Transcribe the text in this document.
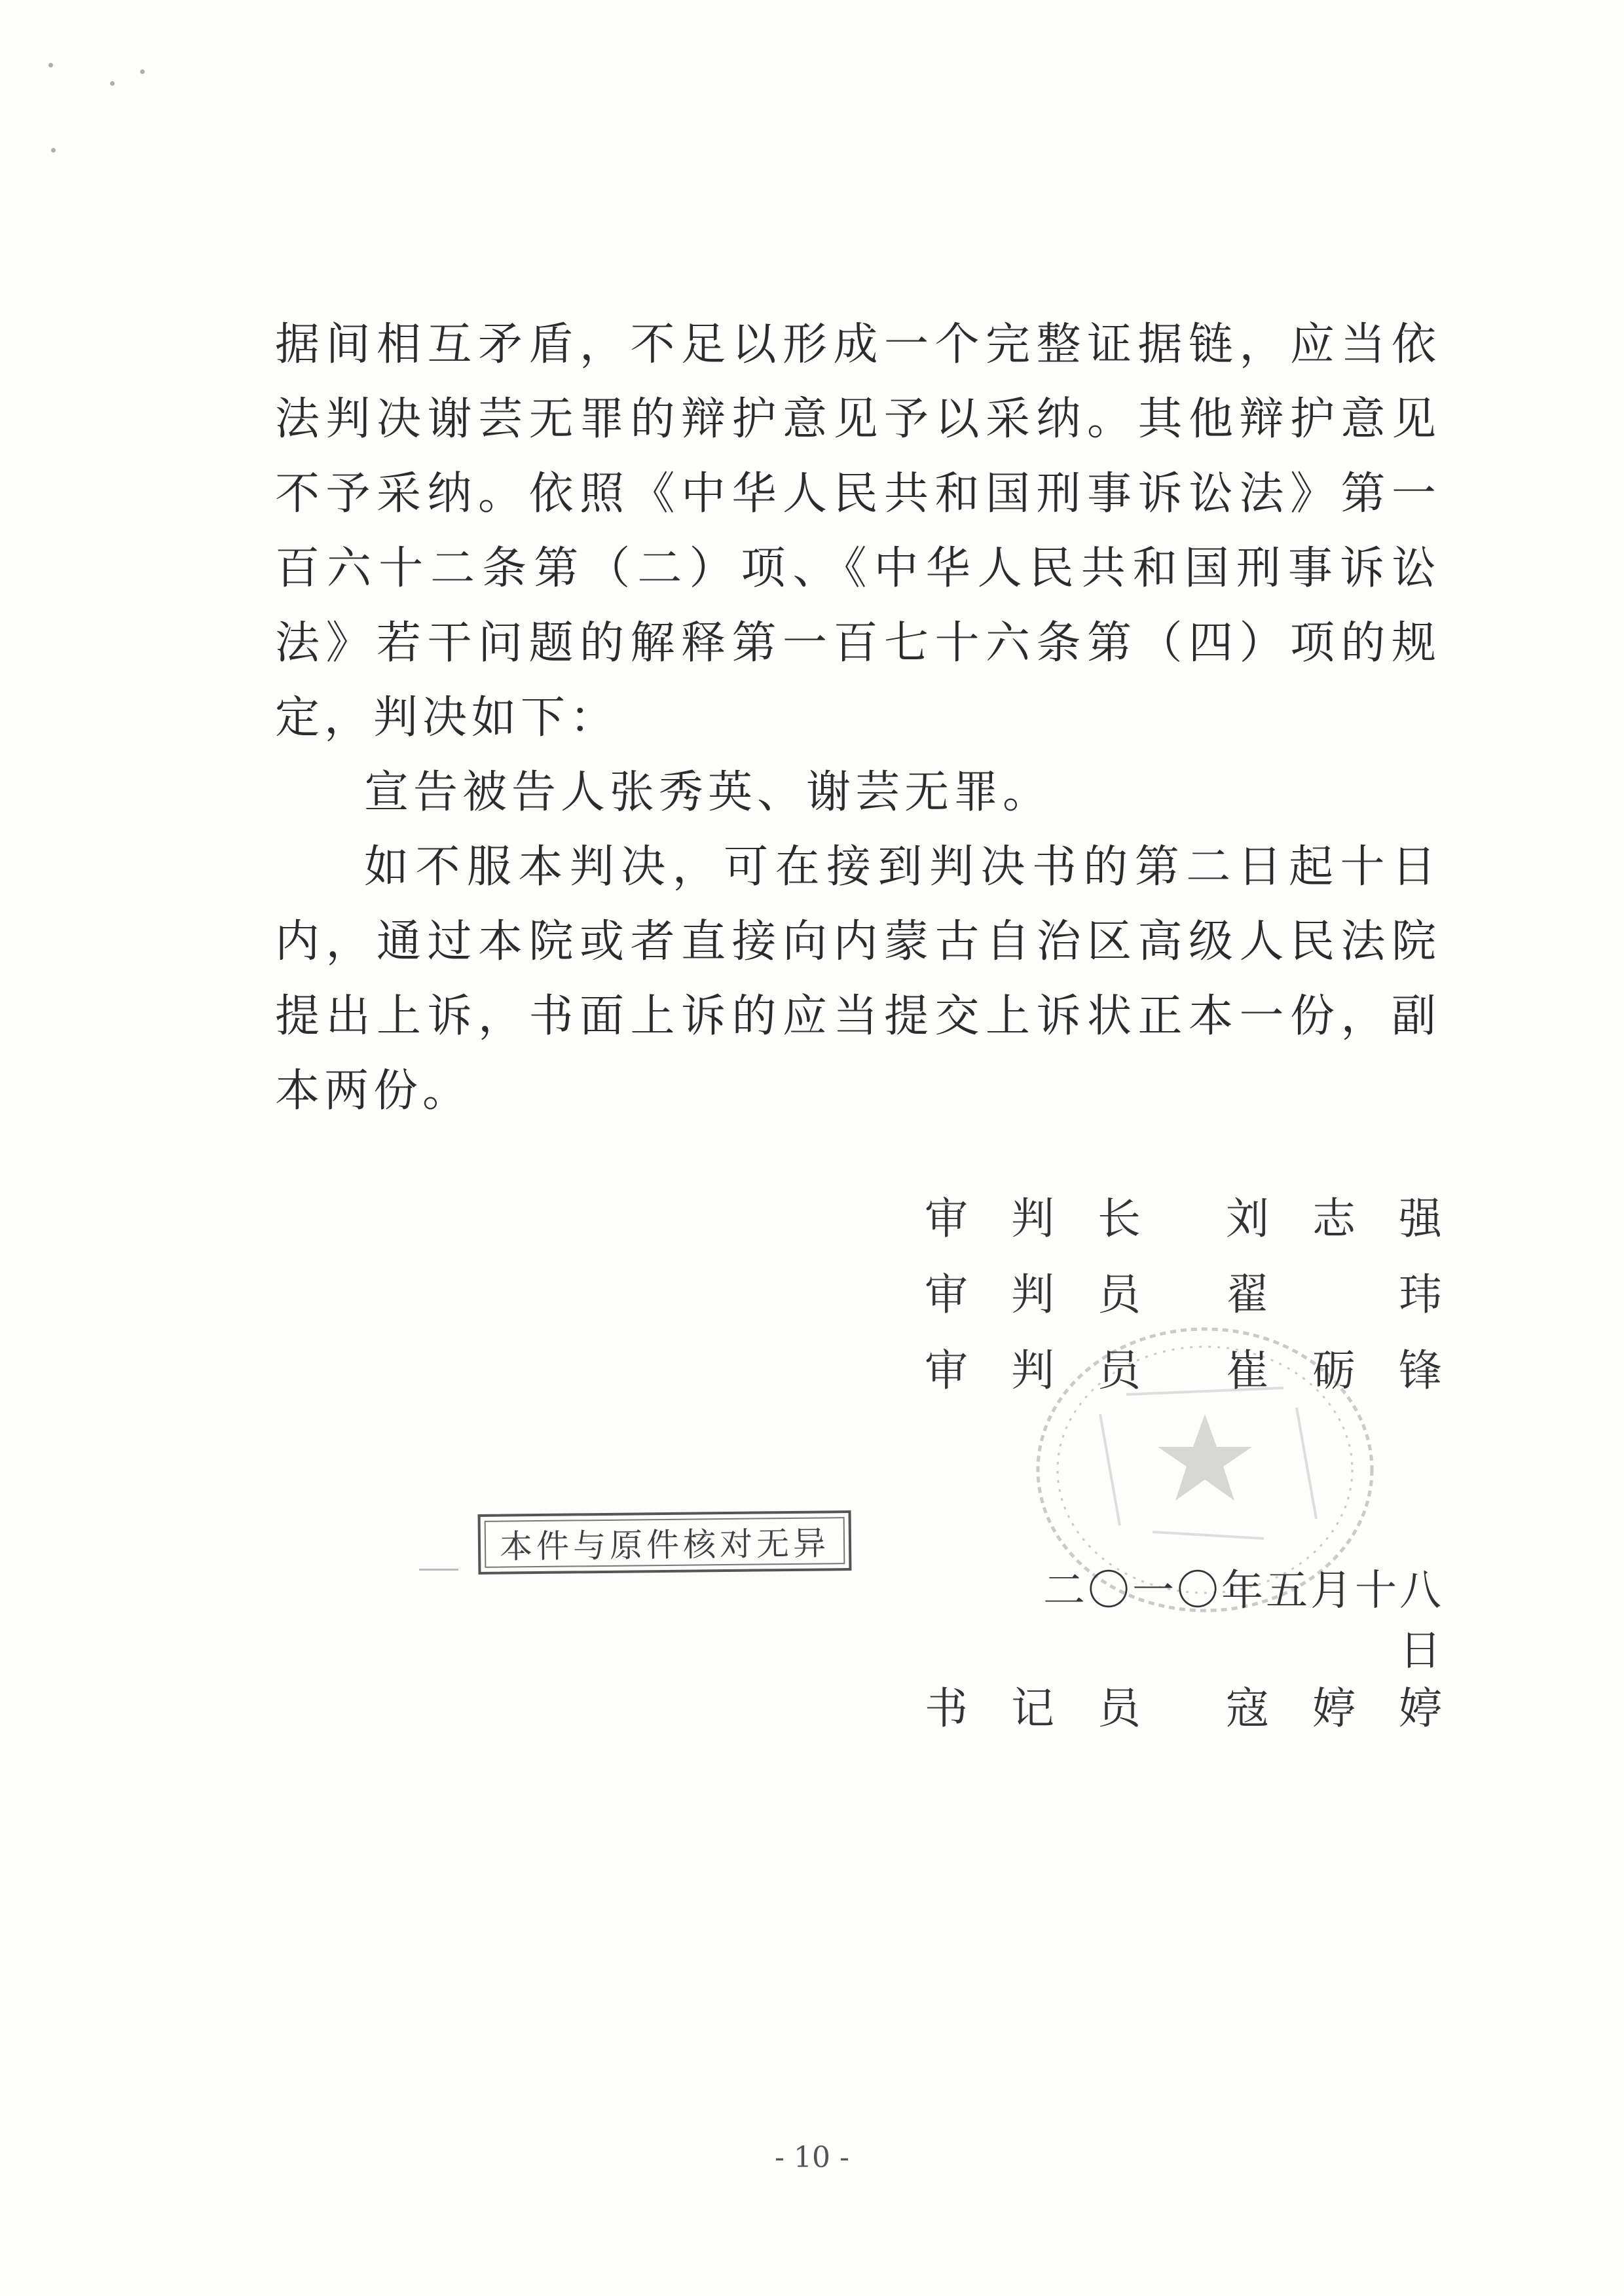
据间相互矛盾，不足以形成一个完整证据链，应当依法判决谢芸无罪的辩护意见予以采纳。其他辩护意见不予采纳。依照《中华人民共和国刑事诉讼法》第一百六十二条第（二）项、《中华人民共和国刑事诉讼法》若干问题的解释第一百七十六条第（四）项的规定，判决如下：

宣告被告人张秀英、谢芸无罪。

如不服本判决，可在接到判决书的第二日起十日内，通过本院或者直接向内蒙古自治区高级人民法院提出上诉，书面上诉的应当提交上诉状正本一份，副本两份。

审 判 长 刘 志 强
审 判 员 翟	玮
审 判 员 崔 砺 锋
本件与原件核对无异
二〇一〇年五月十八日
书 记 员 寇 婷 婷
- 10 -
